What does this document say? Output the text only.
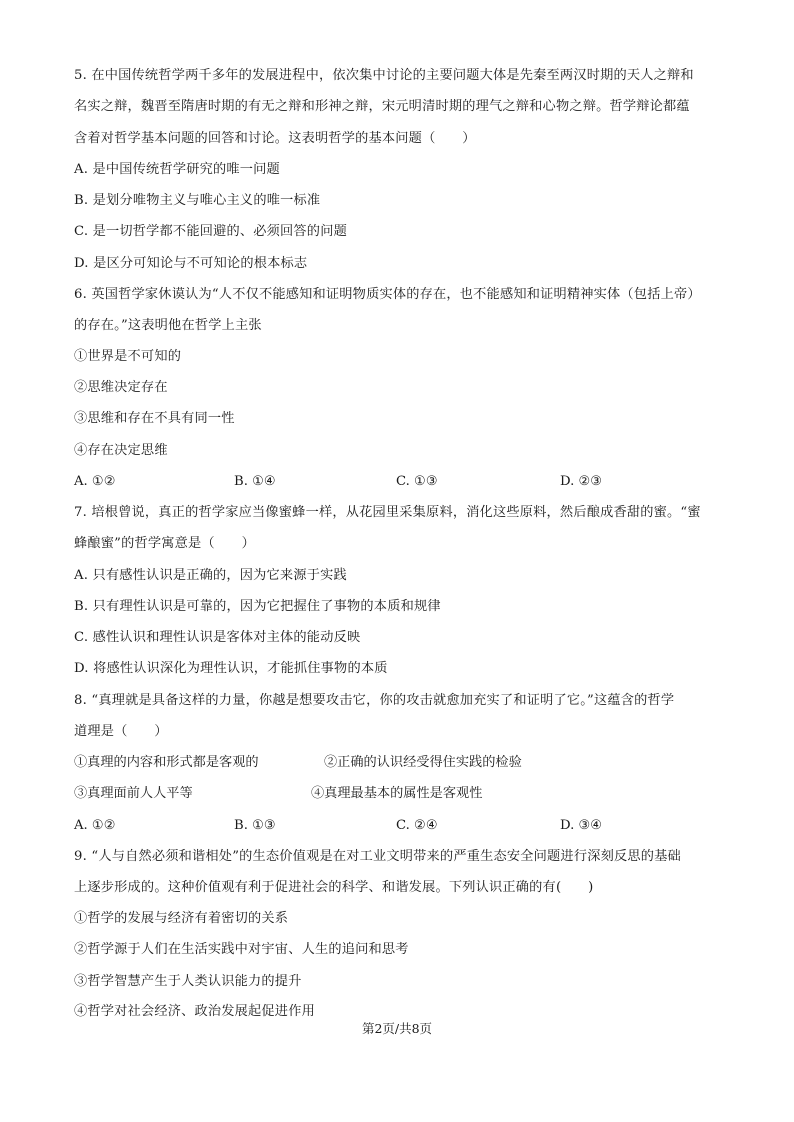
5. 在中国传统哲学两千多年的发展进程中，依次集中讨论的主要问题大体是先秦至两汉时期的天人之辩和
名实之辩，魏晋至隋唐时期的有无之辩和形神之辩，宋元明清时期的理气之辩和心物之辩。哲学辩论都蕴
含着对哲学基本问题的回答和讨论。这表明哲学的基本问题（　　）
A. 是中国传统哲学研究的唯一问题
B. 是划分唯物主义与唯心主义的唯一标准
C. 是一切哲学都不能回避的、必须回答的问题
D. 是区分可知论与不可知论的根本标志
6. 英国哲学家休谟认为“人不仅不能感知和证明物质实体的存在，也不能感知和证明精神实体（包括上帝）
的存在。”这表明他在哲学上主张
①世界是不可知的
②思维决定存在
③思维和存在不具有同一性
④存在决定思维
A. ①②	B. ①④	C. ①③	D. ②③
7. 培根曾说，真正的哲学家应当像蜜蜂一样，从花园里采集原料，消化这些原料，然后酿成香甜的蜜。“蜜
蜂酿蜜”的哲学寓意是（　　）
A. 只有感性认识是正确的，因为它来源于实践
B. 只有理性认识是可靠的，因为它把握住了事物的本质和规律
C. 感性认识和理性认识是客体对主体的能动反映
D. 将感性认识深化为理性认识，才能抓住事物的本质
8. “真理就是具备这样的力量，你越是想要攻击它，你的攻击就愈加充实了和证明了它。”这蕴含的哲学
道理是（　　）
①真理的内容和形式都是客观的	②正确的认识经受得住实践的检验
③真理面前人人平等	④真理最基本的属性是客观性
A. ①②	B. ①③	C. ②④	D. ③④
9. “人与自然必须和谐相处”的生态价值观是在对工业文明带来的严重生态安全问题进行深刻反思的基础
上逐步形成的。这种价值观有利于促进社会的科学、和谐发展。下列认识正确的有(　　)
①哲学的发展与经济有着密切的关系
②哲学源于人们在生活实践中对宇宙、人生的追问和思考
③哲学智慧产生于人类认识能力的提升
④哲学对社会经济、政治发展起促进作用
第2页/共8页
